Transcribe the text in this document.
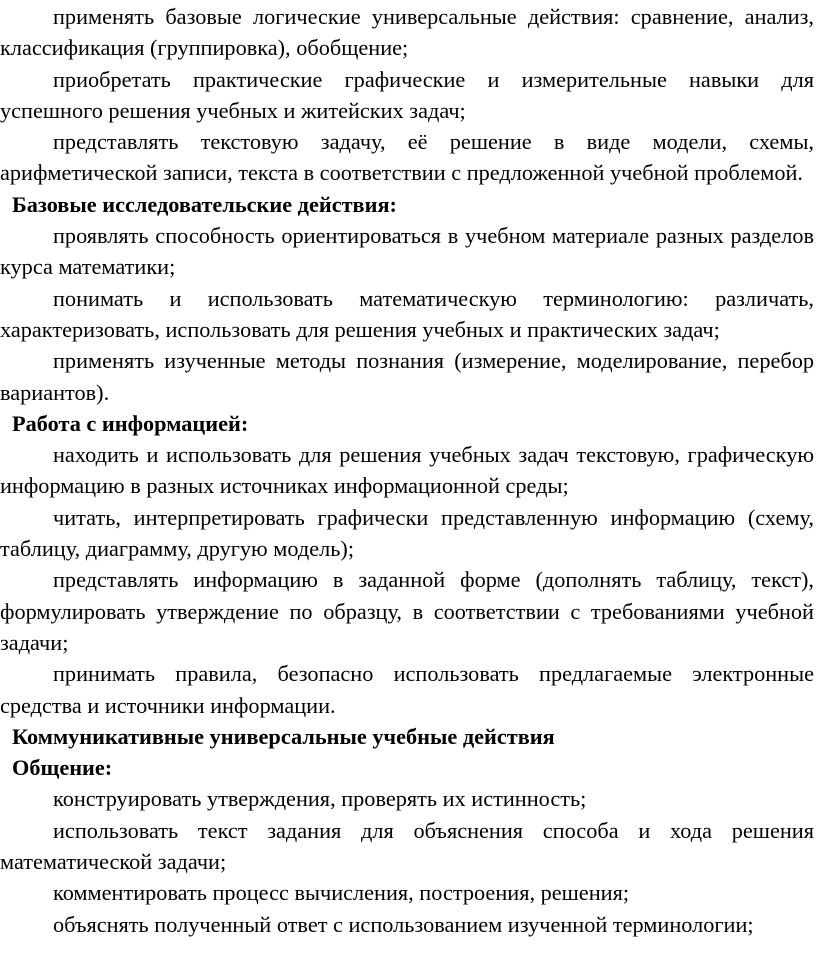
применять базовые логические универсальные действия: сравнение, анализ, классификация (группировка), обобщение;

приобретать практические графические и измерительные навыки для успешного решения учебных и житейских задач;

представлять текстовую задачу, её решение в виде модели, схемы, арифметической записи, текста в соответствии с предложенной учебной проблемой.

Базовые исследовательские действия:

проявлять способность ориентироваться в учебном материале разных разделов курса математики;

понимать и использовать математическую терминологию: различать, характеризовать, использовать для решения учебных и практических задач;

применять изученные методы познания (измерение, моделирование, перебор вариантов).

Работа с информацией:

находить и использовать для решения учебных задач текстовую, графическую информацию в разных источниках информационной среды;

читать, интерпретировать графически представленную информацию (схему, таблицу, диаграмму, другую модель);

представлять информацию в заданной форме (дополнять таблицу, текст), формулировать утверждение по образцу, в соответствии с требованиями учебной задачи;

принимать правила, безопасно использовать предлагаемые электронные средства и источники информации.

Коммуникативные универсальные учебные действия

Общение:

конструировать утверждения, проверять их истинность;

использовать текст задания для объяснения способа и хода решения математической задачи;

комментировать процесс вычисления, построения, решения;

объяснять полученный ответ с использованием изученной терминологии;
